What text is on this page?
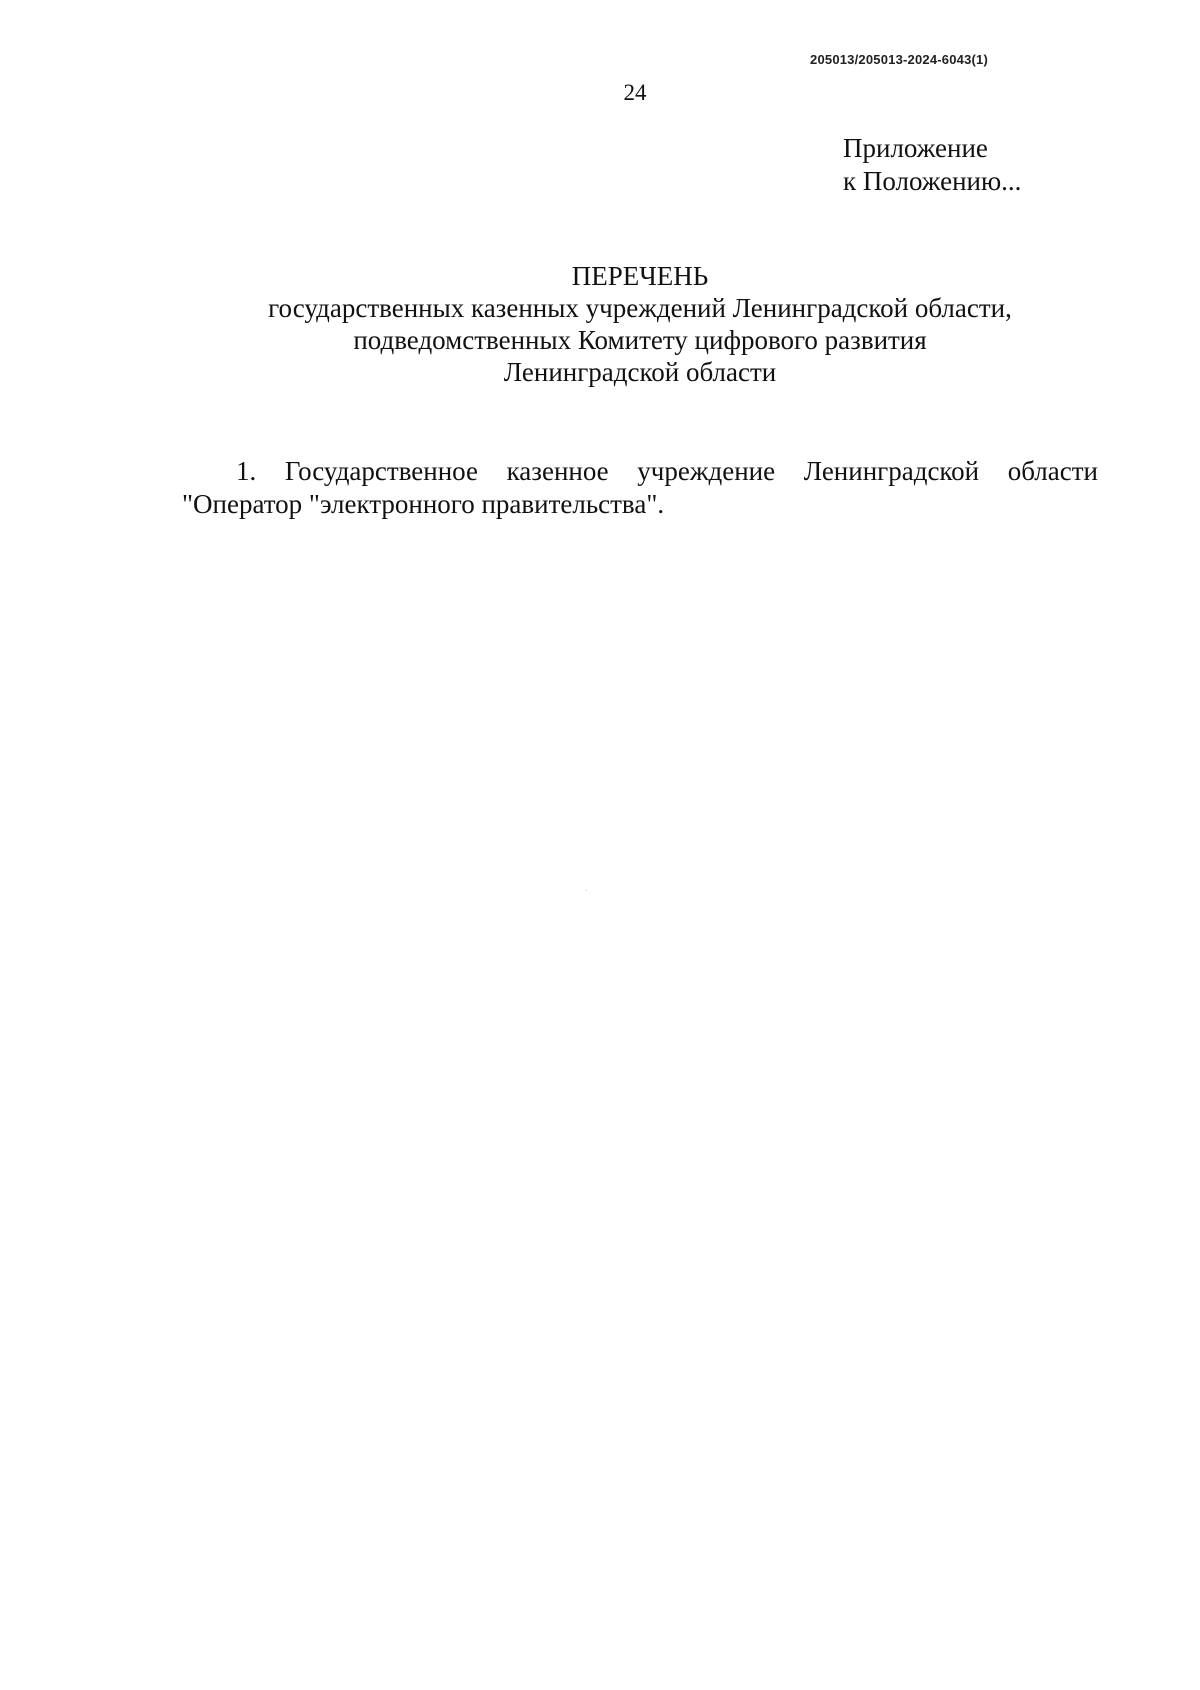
205013/205013-2024-6043(1)
24
Приложение
к Положению...
ПЕРЕЧЕНЬ
государственных казенных учреждений Ленинградской области,
подведомственных Комитету цифрового развития
Ленинградской области
1. Государственное казенное учреждение Ленинградской области "Оператор "электронного правительства".
